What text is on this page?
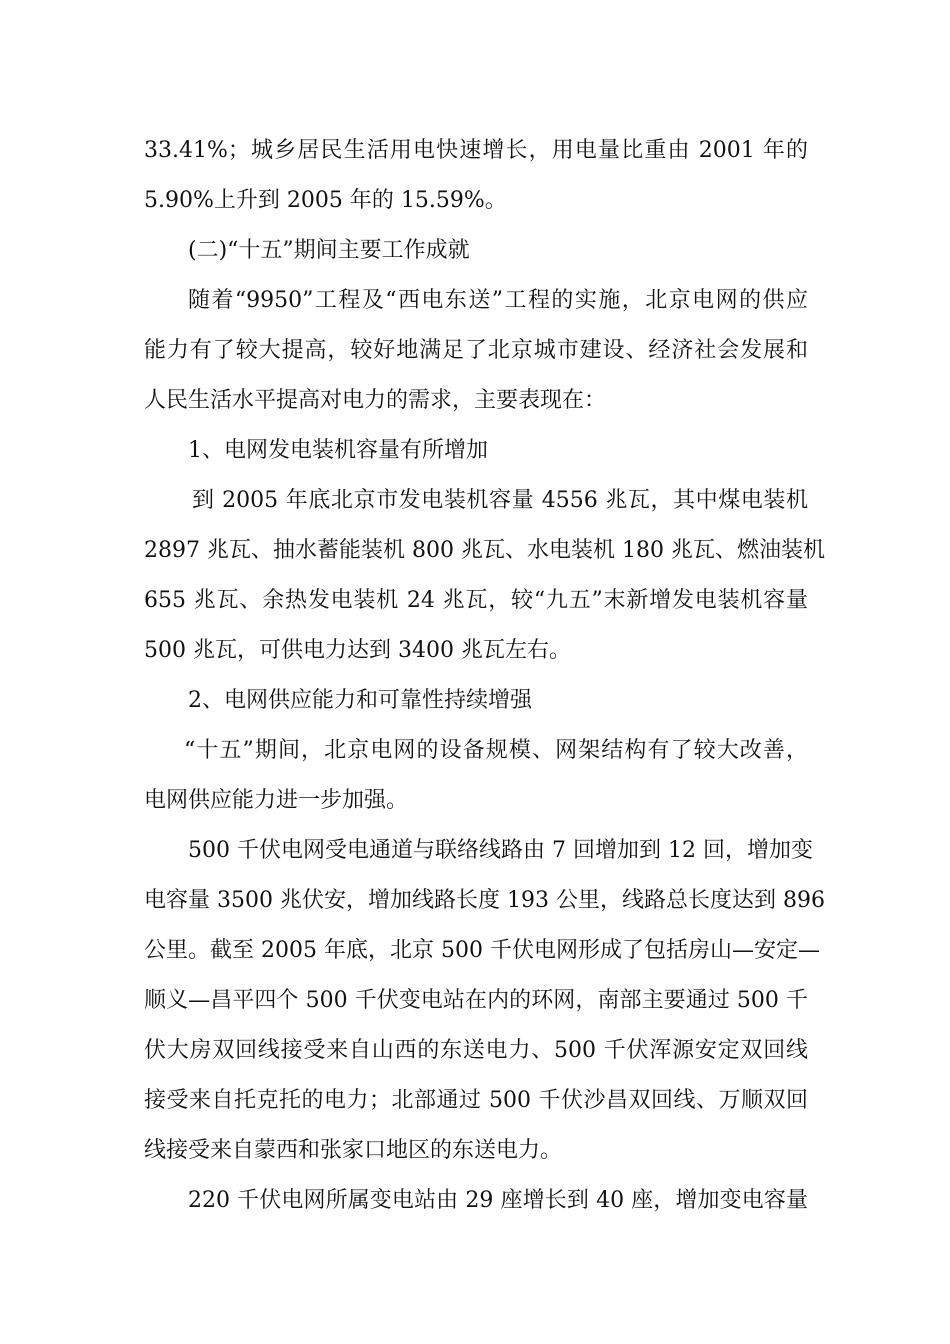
33.41%；城乡居民生活用电快速增长，用电量比重由 2001 年的
5.90%上升到 2005 年的 15.59%。
(二)“十五”期间主要工作成就
随着“9950”工程及“西电东送”工程的实施，北京电网的供应
能力有了较大提高，较好地满足了北京城市建设、经济社会发展和
人民生活水平提高对电力的需求，主要表现在：
1、电网发电装机容量有所增加
到 2005 年底北京市发电装机容量 4556 兆瓦，其中煤电装机
2897 兆瓦、抽水蓄能装机 800 兆瓦、水电装机 180 兆瓦、燃油装机
655 兆瓦、余热发电装机 24 兆瓦，较“九五”末新增发电装机容量
500 兆瓦，可供电力达到 3400 兆瓦左右。
2、电网供应能力和可靠性持续增强
“十五”期间，北京电网的设备规模、网架结构有了较大改善，
电网供应能力进一步加强。
500 千伏电网受电通道与联络线路由 7 回增加到 12 回，增加变
电容量 3500 兆伏安，增加线路长度 193 公里，线路总长度达到 896
公里。截至 2005 年底，北京 500 千伏电网形成了包括房山—安定—
顺义—昌平四个 500 千伏变电站在内的环网，南部主要通过 500 千
伏大房双回线接受来自山西的东送电力、500 千伏浑源安定双回线
接受来自托克托的电力；北部通过 500 千伏沙昌双回线、万顺双回
线接受来自蒙西和张家口地区的东送电力。
220 千伏电网所属变电站由 29 座增长到 40 座，增加变电容量
